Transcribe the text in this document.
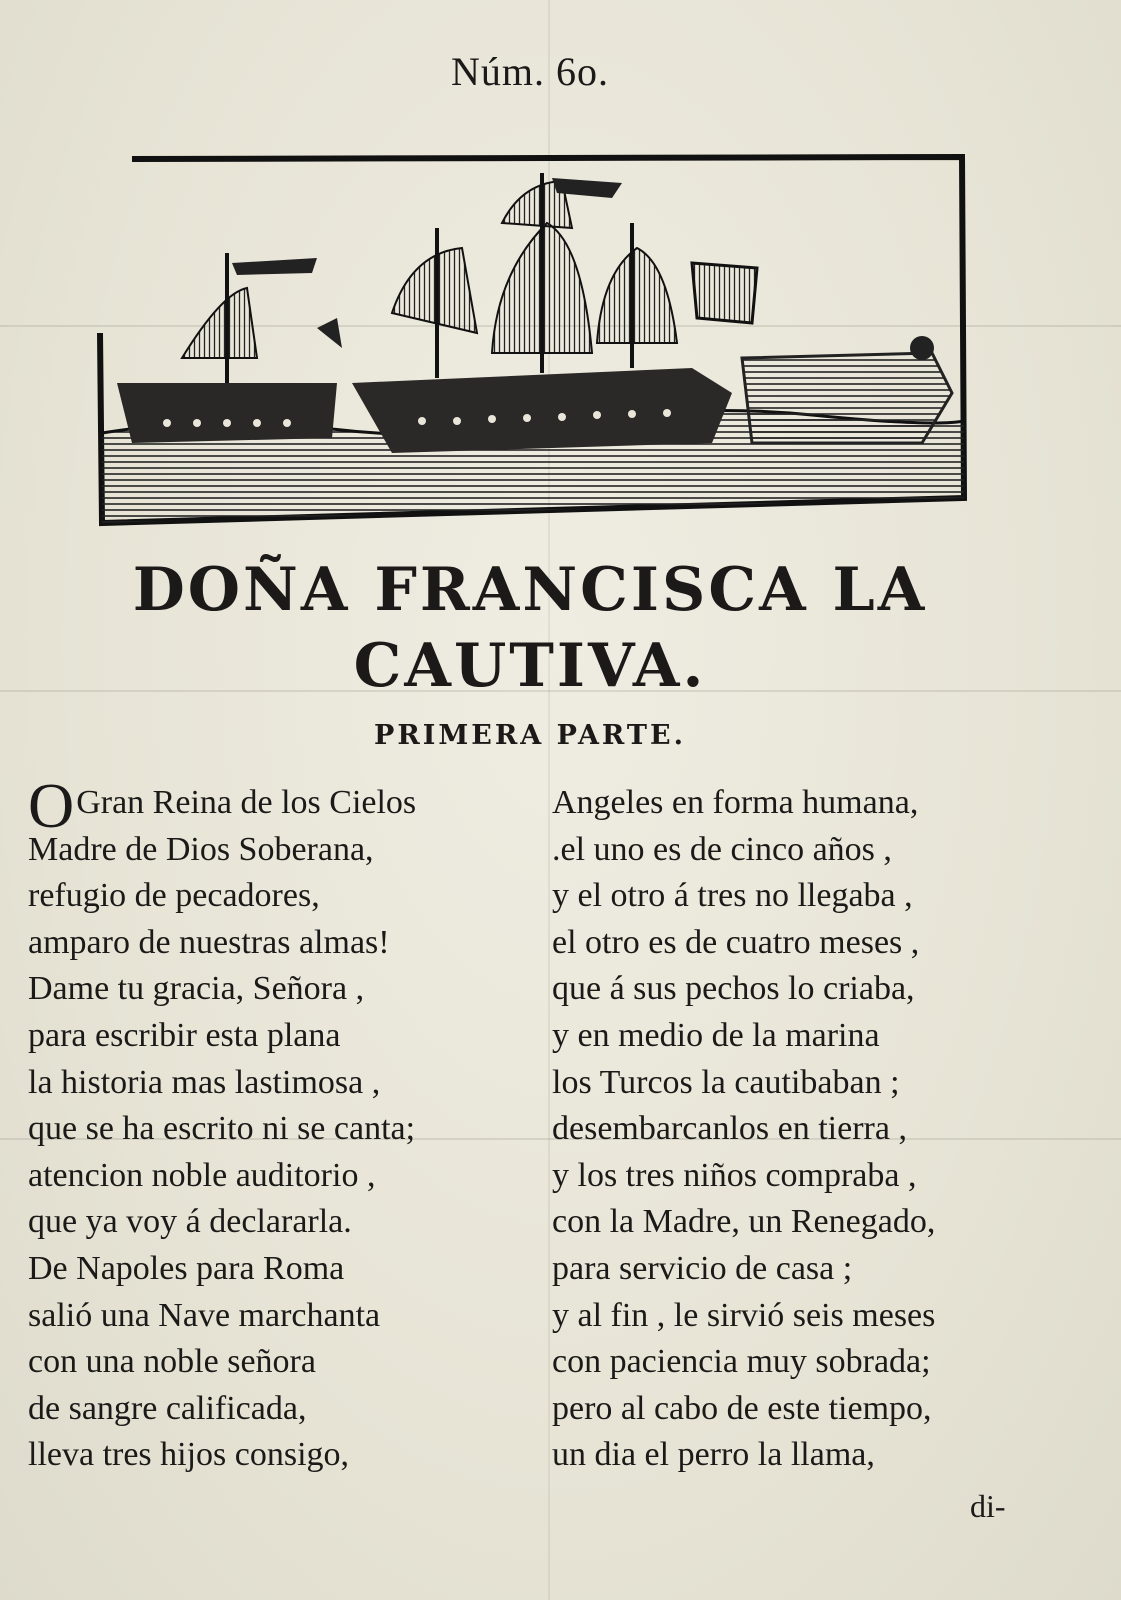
Núm. 6o.
DOÑA FRANCISCA LA
CAUTIVA.
PRIMERA PARTE.
O Gran Reina de los Cielos
Madre de Dios Soberana,
refugio de pecadores,
amparo de nuestras almas!
Dame tu gracia, Señora ,
para escribir esta plana
la historia mas lastimosa ,
que se ha escrito ni se canta;
atencion noble auditorio ,
que ya voy á declararla.
De Napoles para Roma
salió una Nave marchanta
con una noble señora
de sangre calificada,
lleva tres hijos consigo,
Angeles en forma humana,
.el uno es de cinco años ,
y el otro á tres no llegaba ,
el otro es de cuatro meses ,
que á sus pechos lo criaba,
y en medio de la marina
los Turcos la cautibaban ;
desembarcanlos en tierra ,
y los tres niños compraba ,
con la Madre, un Renegado,
para servicio de casa ;
y al fin , le sirvió seis meses
con paciencia muy sobrada;
pero al cabo de este tiempo,
un dia el perro la llama,
di-
